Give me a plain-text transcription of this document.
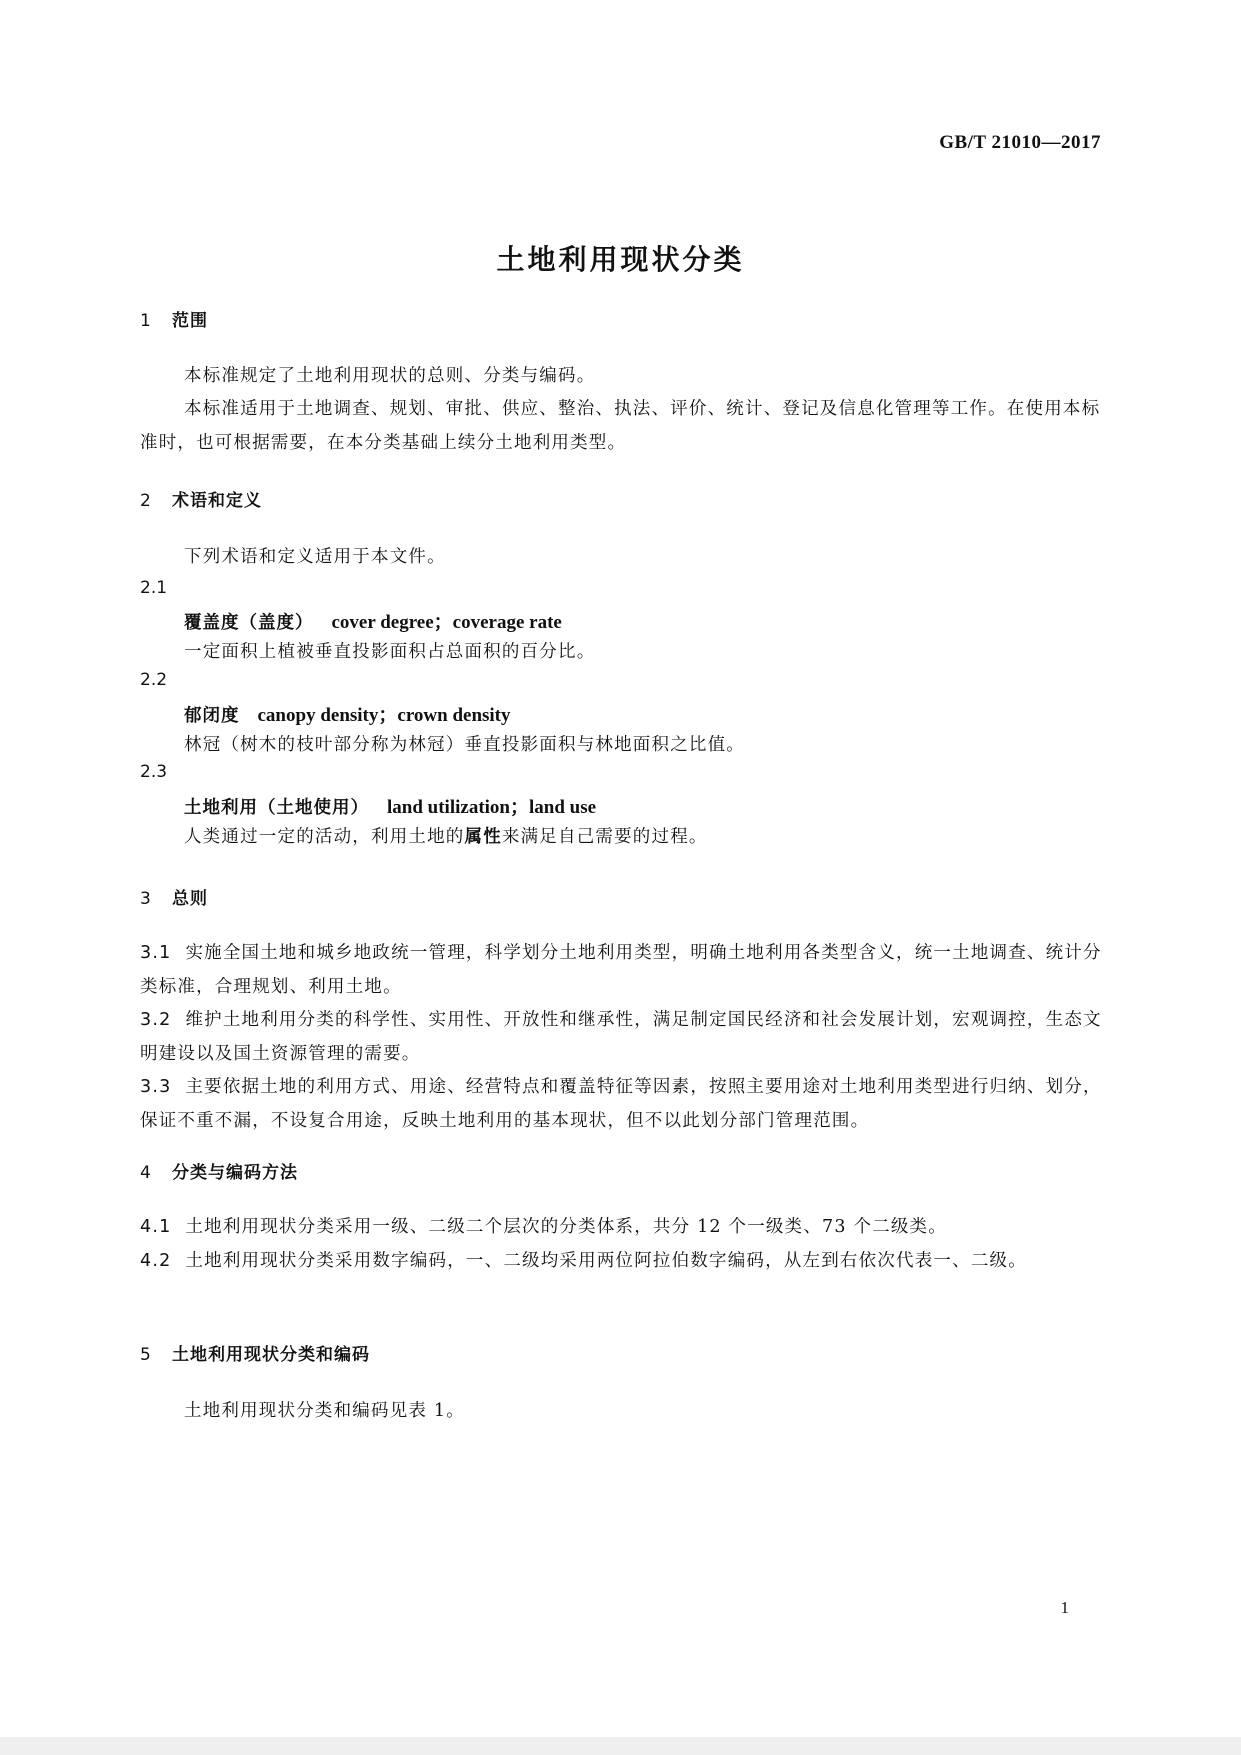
GB/T 21010—2017
土地利用现状分类
1 范围
本标准规定了土地利用现状的总则、分类与编码。
本标准适用于土地调查、规划、审批、供应、整治、执法、评价、统计、登记及信息化管理等工作。在使用本标准时，也可根据需要，在本分类基础上续分土地利用类型。
2 术语和定义
下列术语和定义适用于本文件。
2.1
覆盖度（盖度） cover degree；coverage rate
一定面积上植被垂直投影面积占总面积的百分比。
2.2
郁闭度 canopy density；crown density
林冠（树木的枝叶部分称为林冠）垂直投影面积与林地面积之比值。
2.3
土地利用（土地使用） land utilization；land use
人类通过一定的活动，利用土地的属性来满足自己需要的过程。
3 总则
3.1 实施全国土地和城乡地政统一管理，科学划分土地利用类型，明确土地利用各类型含义，统一土地调查、统计分类标准，合理规划、利用土地。
3.2 维护土地利用分类的科学性、实用性、开放性和继承性，满足制定国民经济和社会发展计划，宏观调控，生态文明建设以及国土资源管理的需要。
3.3 主要依据土地的利用方式、用途、经营特点和覆盖特征等因素，按照主要用途对土地利用类型进行归纳、划分，保证不重不漏，不设复合用途，反映土地利用的基本现状，但不以此划分部门管理范围。
4 分类与编码方法
4.1 土地利用现状分类采用一级、二级二个层次的分类体系，共分 12 个一级类、73 个二级类。
4.2 土地利用现状分类采用数字编码，一、二级均采用两位阿拉伯数字编码，从左到右依次代表一、二级。
5 土地利用现状分类和编码
土地利用现状分类和编码见表 1。
1
